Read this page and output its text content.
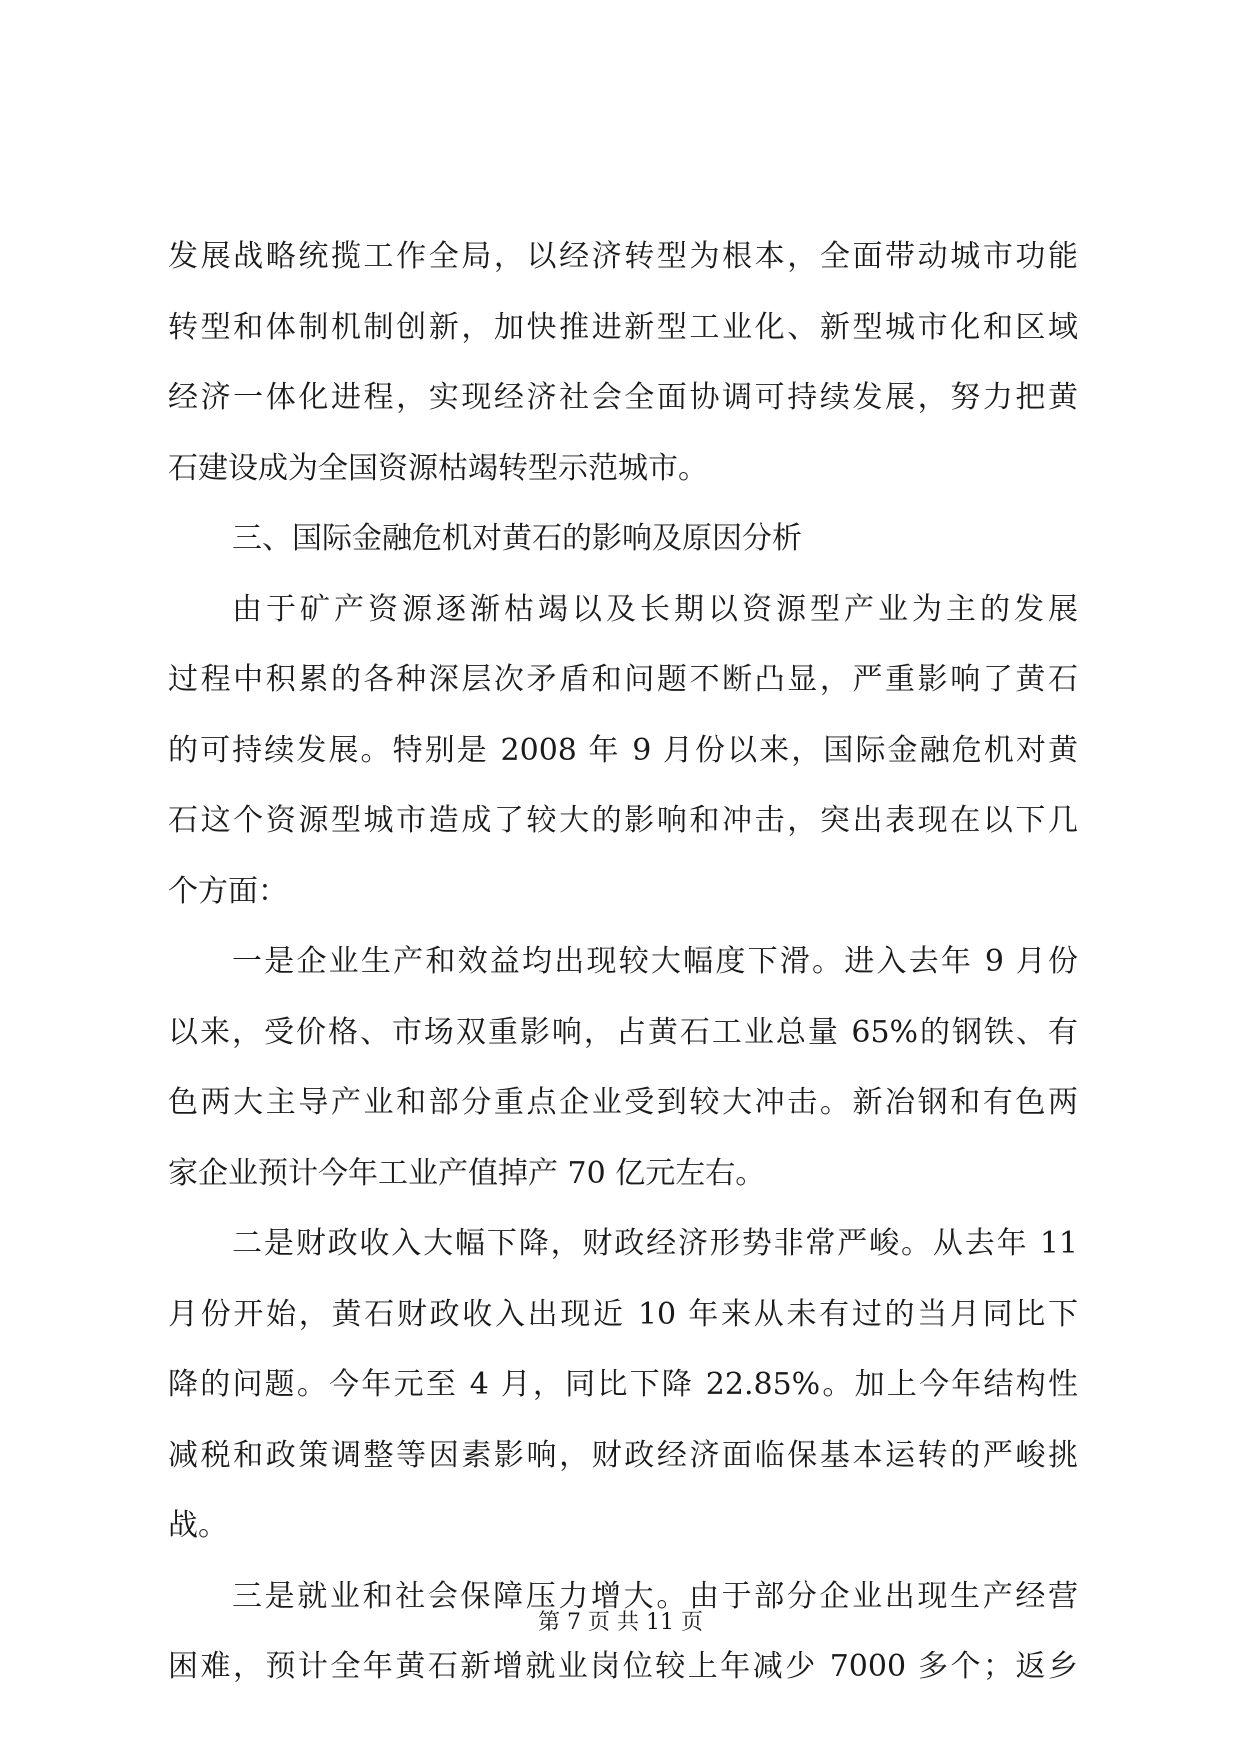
发展战略统揽工作全局，以经济转型为根本，全面带动城市功能
转型和体制机制创新，加快推进新型工业化、新型城市化和区域
经济一体化进程，实现经济社会全面协调可持续发展，努力把黄
石建设成为全国资源枯竭转型示范城市。
三、国际金融危机对黄石的影响及原因分析
由于矿产资源逐渐枯竭以及长期以资源型产业为主的发展
过程中积累的各种深层次矛盾和问题不断凸显，严重影响了黄石
的可持续发展。特别是 2008 年 9 月份以来，国际金融危机对黄
石这个资源型城市造成了较大的影响和冲击，突出表现在以下几
个方面：
一是企业生产和效益均出现较大幅度下滑。进入去年 9 月份
以来，受价格、市场双重影响，占黄石工业总量 65%的钢铁、有
色两大主导产业和部分重点企业受到较大冲击。新冶钢和有色两
家企业预计今年工业产值掉产 70 亿元左右。
二是财政收入大幅下降，财政经济形势非常严峻。从去年 11
月份开始，黄石财政收入出现近 10 年来从未有过的当月同比下
降的问题。今年元至 4 月，同比下降 22.85%。加上今年结构性
减税和政策调整等因素影响，财政经济面临保基本运转的严峻挑
战。
三是就业和社会保障压力增大。由于部分企业出现生产经营
困难，预计全年黄石新增就业岗位较上年减少 7000 多个；返乡
第 7 页 共 11 页
